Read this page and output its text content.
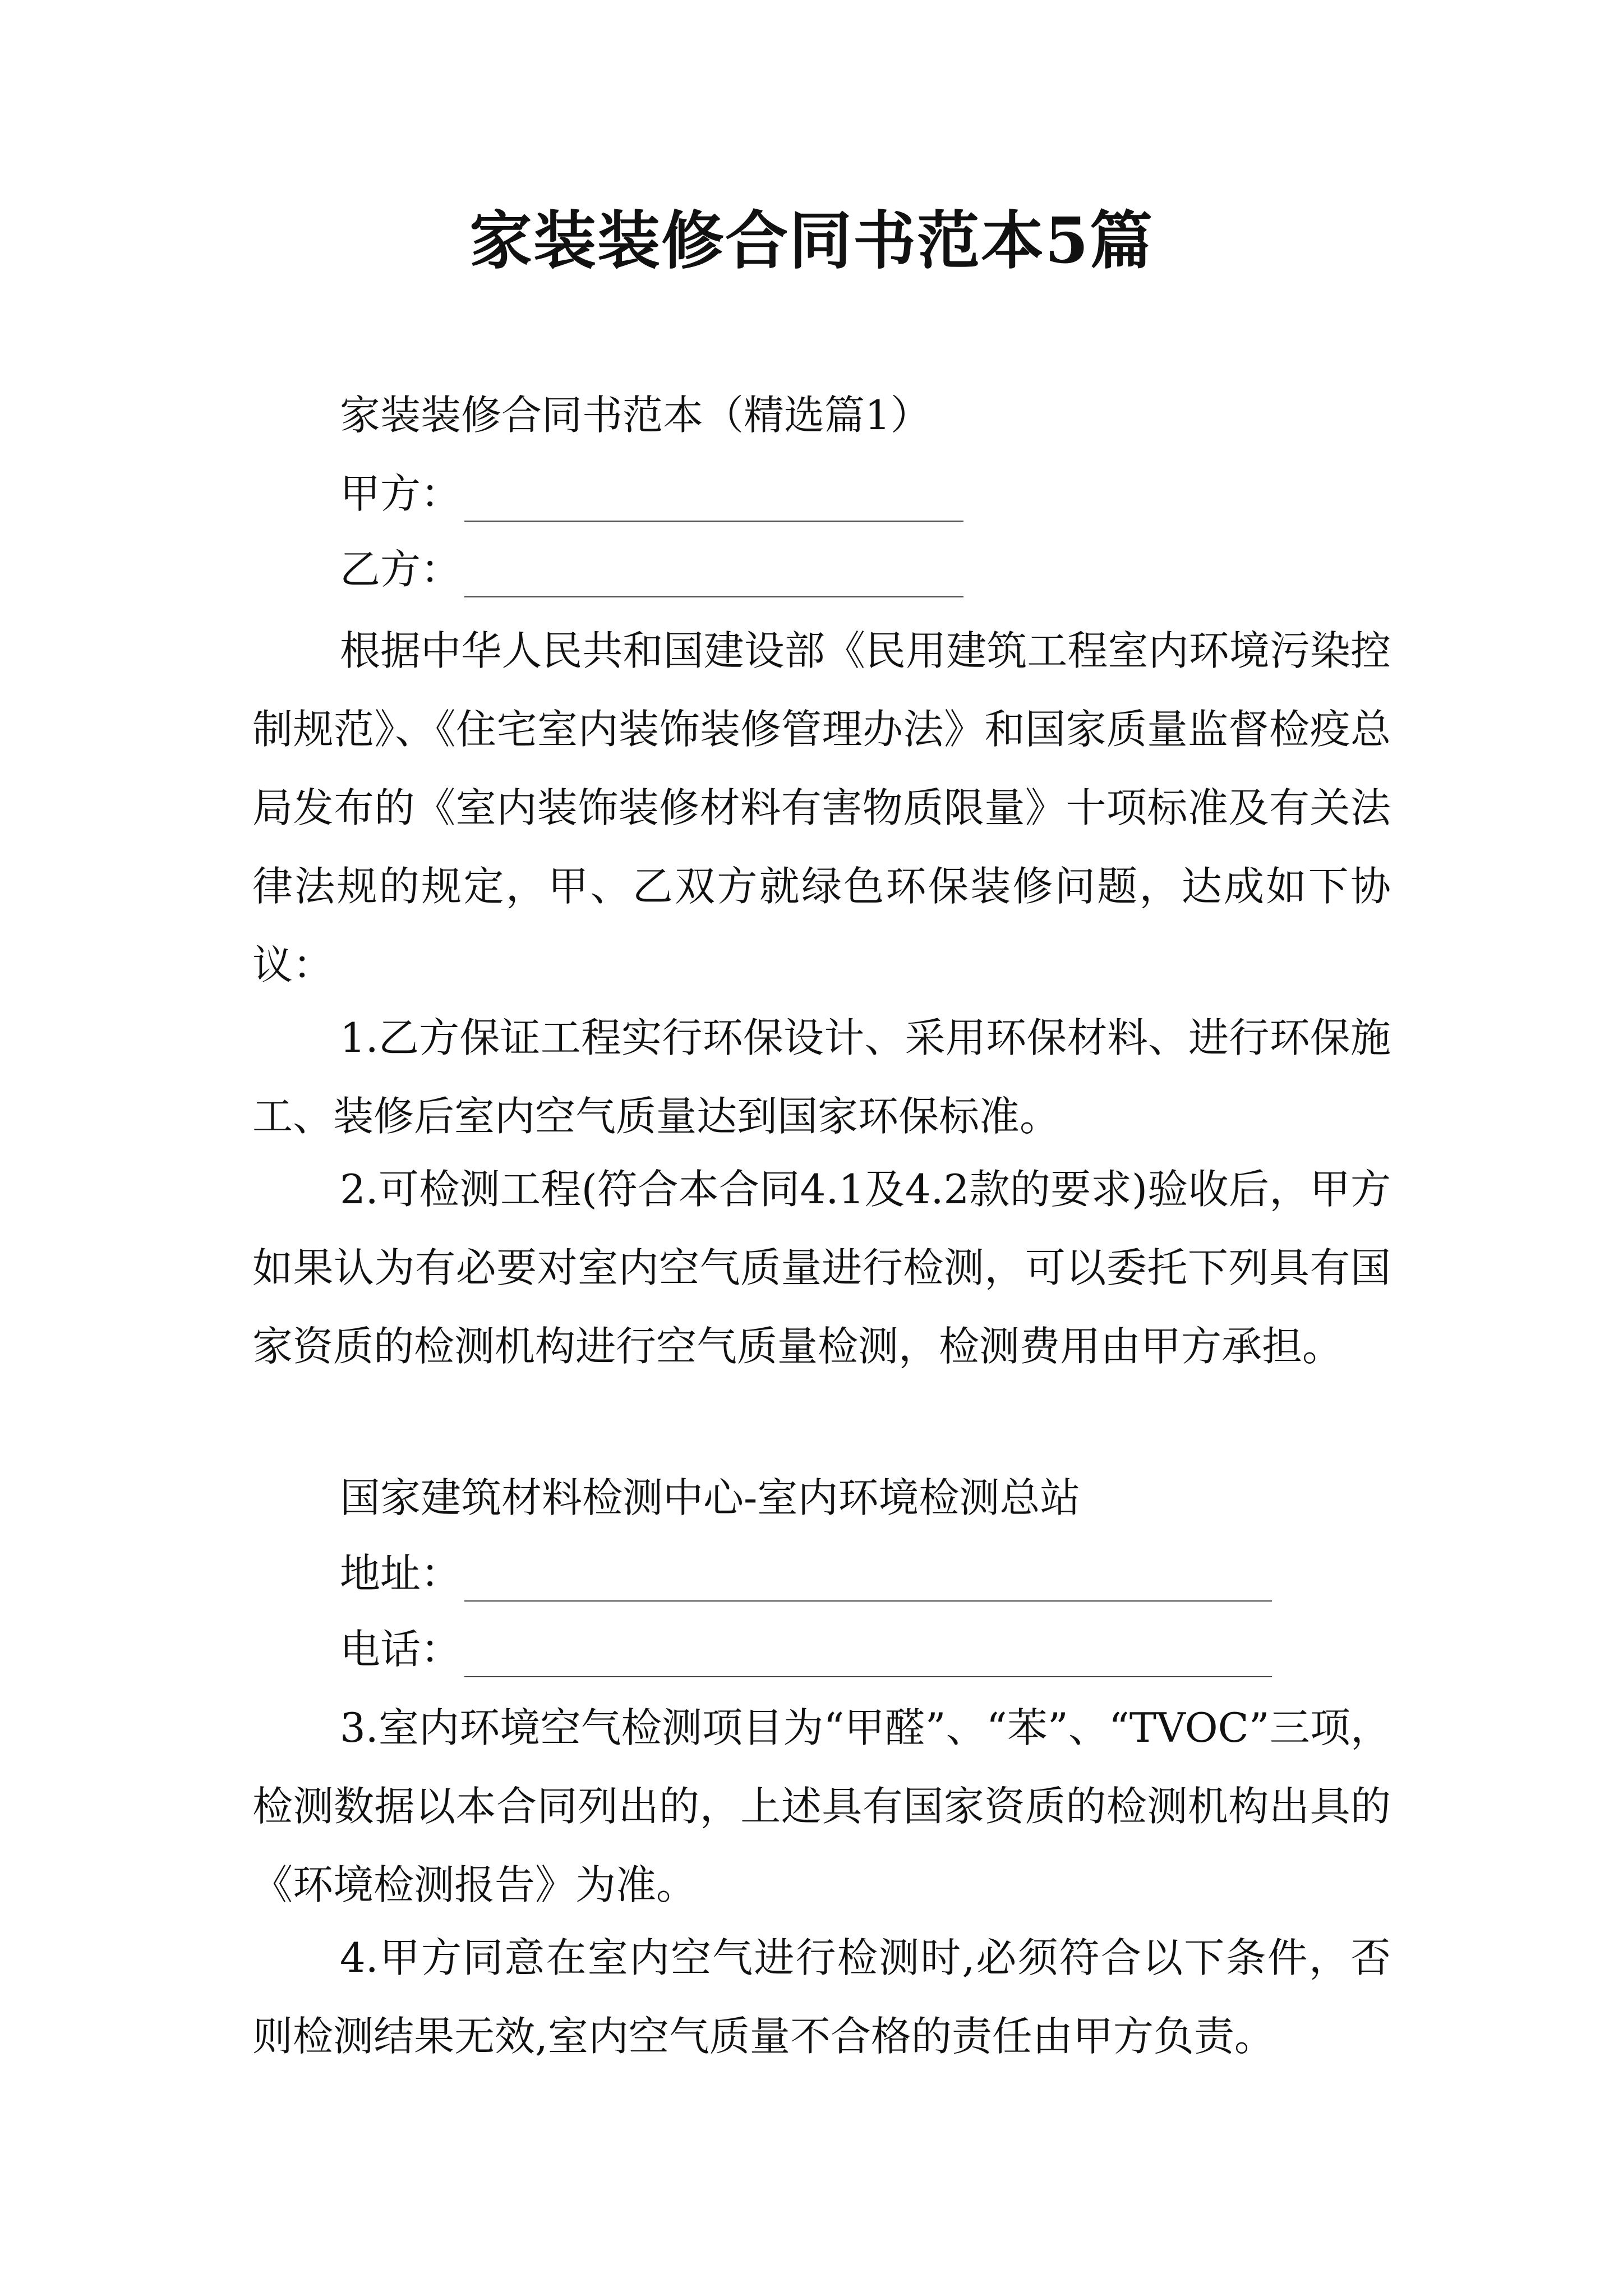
家装装修合同书范本5篇
家装装修合同书范本（精选篇1）
甲方：
乙方：

根据中华人民共和国建设部《民用建筑工程室内环境污染控制规范》、《住宅室内装饰装修管理办法》和国家质量监督检疫总局发布的《室内装饰装修材料有害物质限量》十项标准及有关法律法规的规定，甲、乙双方就绿色环保装修问题，达成如下协议：

1.乙方保证工程实行环保设计、采用环保材料、进行环保施工、装修后室内空气质量达到国家环保标准。

2.可检测工程(符合本合同4.1及4.2款的要求)验收后，甲方如果认为有必要对室内空气质量进行检测，可以委托下列具有国家资质的检测机构进行空气质量检测，检测费用由甲方承担。

国家建筑材料检测中心-室内环境检测总站
地址：
电话：

3.室内环境空气检测项目为“甲醛”、“苯”、“TVOC”三项，检测数据以本合同列出的，上述具有国家资质的检测机构出具的《环境检测报告》为准。

4.甲方同意在室内空气进行检测时,必须符合以下条件，否则检测结果无效,室内空气质量不合格的责任由甲方负责。
